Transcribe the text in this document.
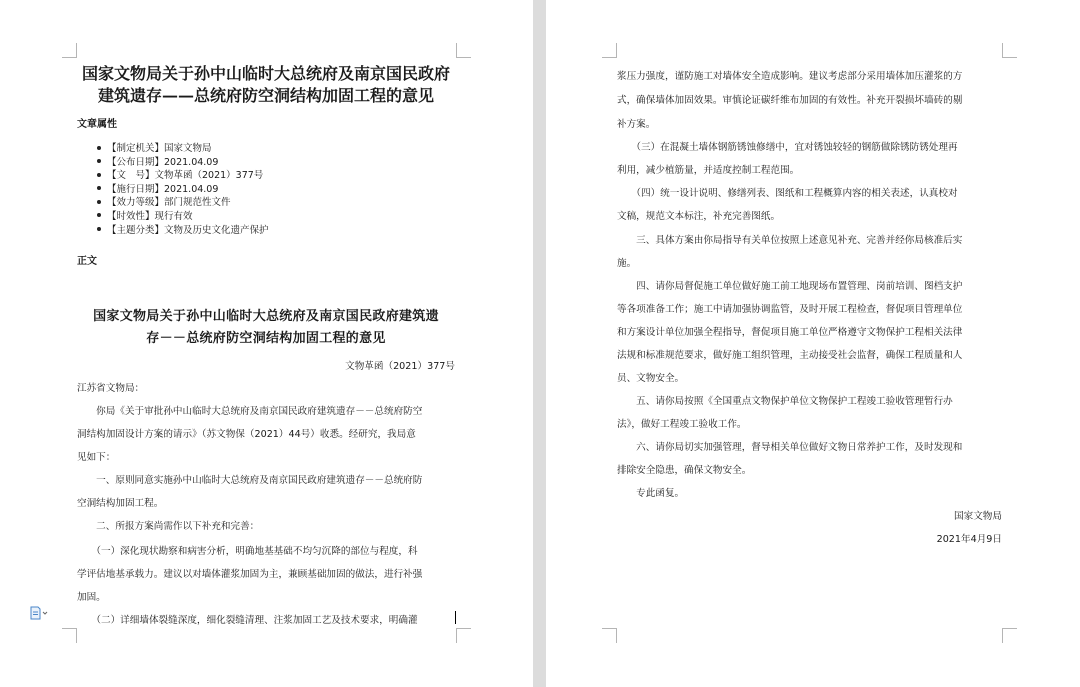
国家文物局关于孙中山临时大总统府及南京国民政府
建筑遗存——总统府防空洞结构加固工程的意见
文章属性
【制定机关】国家文物局
【公布日期】2021.04.09
【文　号】文物革函（2021）377号
【施行日期】2021.04.09
【效力等级】部门规范性文件
【时效性】现行有效
【主题分类】文物及历史文化遗产保护
正文
国家文物局关于孙中山临时大总统府及南京国民政府建筑遗
存－－总统府防空洞结构加固工程的意见
文物革函（2021）377号
江苏省文物局：
　　你局《关于审批孙中山临时大总统府及南京国民政府建筑遗存－－总统府防空
洞结构加固设计方案的请示》（苏文物保（2021）44号）收悉。经研究，我局意
见如下：
　　一、原则同意实施孙中山临时大总统府及南京国民政府建筑遗存－－总统府防
空洞结构加固工程。
　　二、所报方案尚需作以下补充和完善：
　　（一）深化现状勘察和病害分析，明确地基基础不均匀沉降的部位与程度，科
学评估地基承载力。建议以对墙体灌浆加固为主，兼顾基础加固的做法，进行补强
加固。
　　（二）详细墙体裂缝深度，细化裂缝清理、注浆加固工艺及技术要求，明确灌
浆压力强度，谨防施工对墙体安全造成影响。建议考虑部分采用墙体加压灌浆的方
式，确保墙体加固效果。审慎论证碳纤维布加固的有效性。补充开裂损坏墙砖的剔
补方案。
　　（三）在混凝土墙体钢筋锈蚀修缮中，宜对锈蚀较轻的钢筋做除锈防锈处理再
利用，减少植筋量，并适度控制工程范围。
　　（四）统一设计说明、修缮列表、图纸和工程概算内容的相关表述，认真校对
文稿，规范文本标注，补充完善图纸。
　　三、具体方案由你局指导有关单位按照上述意见补充、完善并经你局核准后实
施。
　　四、请你局督促施工单位做好施工前工地现场布置管理、岗前培训、图档支护
等各项准备工作；施工中请加强协调监管，及时开展工程检查，督促项目管理单位
和方案设计单位加强全程指导，督促项目施工单位严格遵守文物保护工程相关法律
法规和标准规范要求，做好施工组织管理，主动接受社会监督，确保工程质量和人
员、文物安全。
　　五、请你局按照《全国重点文物保护单位文物保护工程竣工验收管理暂行办
法》，做好工程竣工验收工作。
　　六、请你局切实加强管理，督导相关单位做好文物日常养护工作，及时发现和
排除安全隐患，确保文物安全。
　　专此函复。
国家文物局
2021年4月9日
